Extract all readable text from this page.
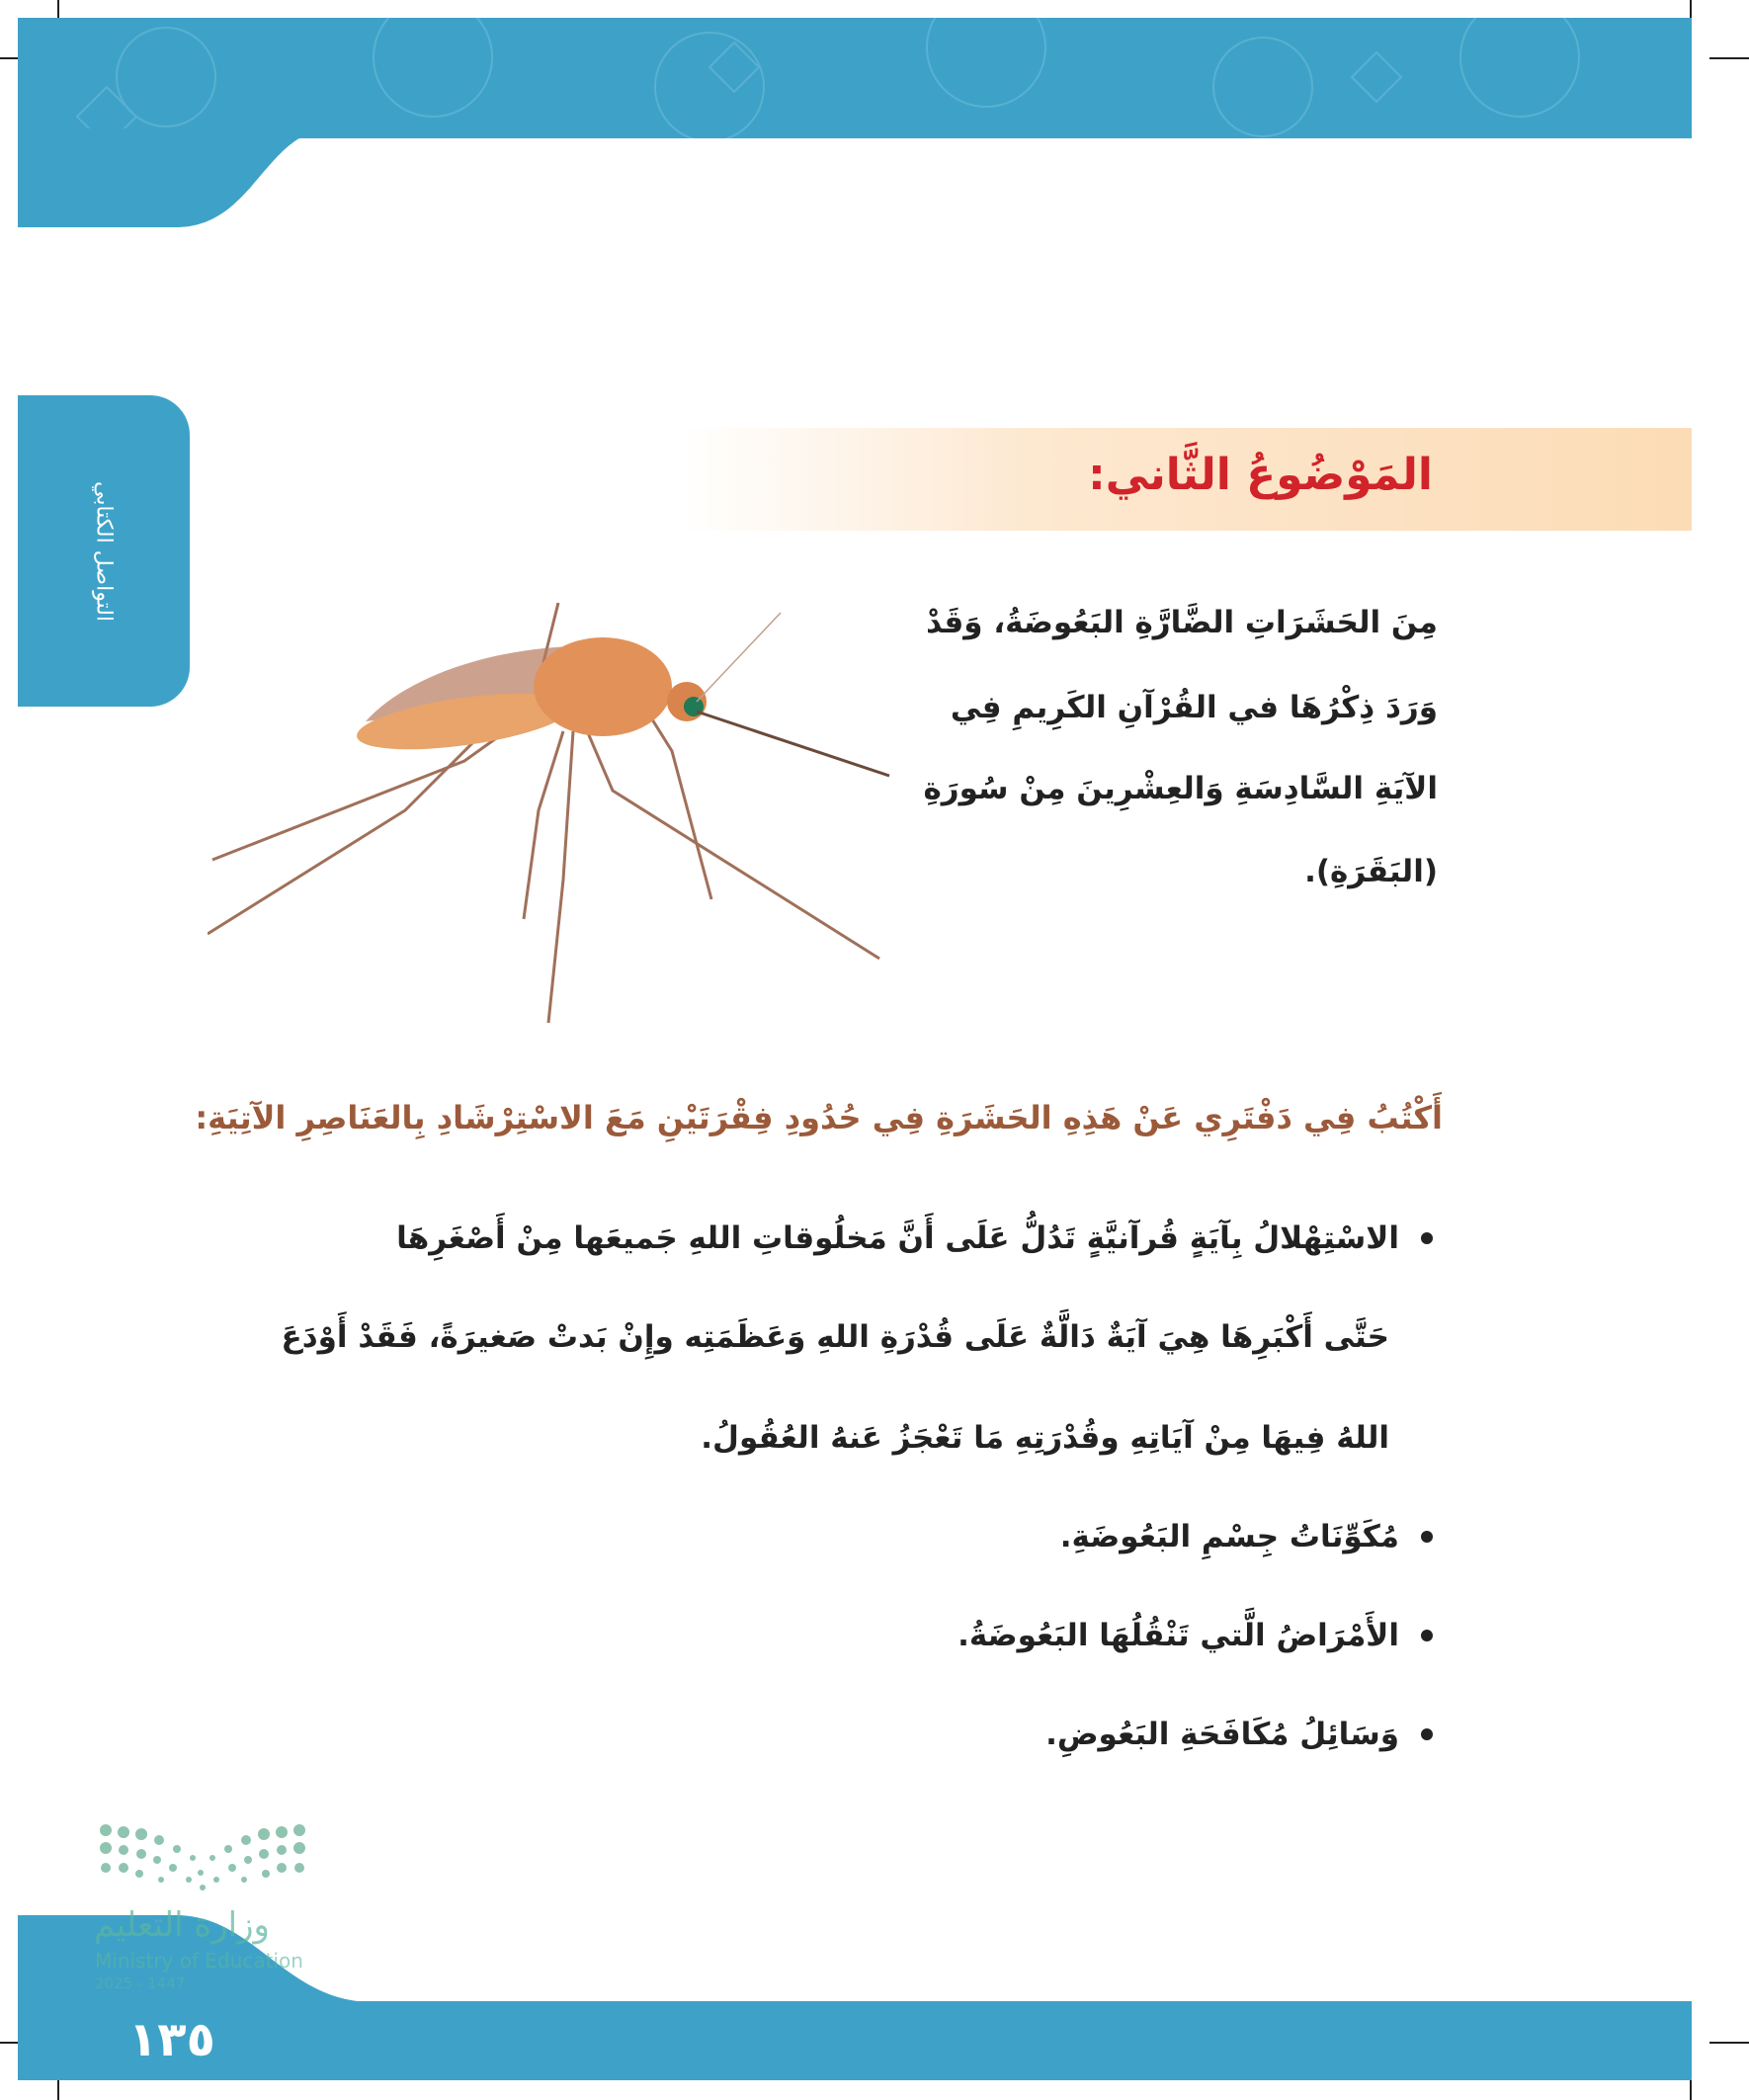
التواصل الكتابي
المَوْضُوعُ الثَّاني:
مِنَ الحَشَرَاتِ الضَّارَّةِ البَعُوضَةُ، وَقَدْ
وَرَدَ ذِكْرُهَا في القُرْآنِ الكَرِيمِ فِي
الآيَةِ السَّادِسَةِ وَالعِشْرِينَ مِنْ سُورَةِ
(البَقَرَةِ).
أَكْتُبُ فِي دَفْتَرِي عَنْ هَذِهِ الحَشَرَةِ فِي حُدُودِ فِقْرَتَيْنِ مَعَ الاسْتِرْشَادِ بِالعَنَاصِرِ الآتِيَةِ:
الاسْتِهْلالُ بِآيَةٍ قُرآنيَّةٍ تَدُلُّ عَلَى أَنَّ مَخلُوقاتِ اللهِ جَميعَها مِنْ أَصْغَرِهَا
حَتَّى أَكْبَرِهَا هِيَ آيَةٌ دَالَّةٌ عَلَى قُدْرَةِ اللهِ وَعَظَمَتِه وإِنْ بَدتْ صَغيرَةً، فَقَدْ أَوْدَعَ
اللهُ فِيهَا مِنْ آيَاتِهِ وقُدْرَتِهِ مَا تَعْجَزُ عَنهُ العُقُولُ.
مُكَوِّنَاتُ جِسْمِ البَعُوضَةِ.
الأَمْرَاضُ الَّتي تَنْقُلُهَا البَعُوضَةُ.
وَسَائِلُ مُكَافَحَةِ البَعُوضِ.
وزارة التعليم
Ministry of Education
2025 - 1447
١٣٥
